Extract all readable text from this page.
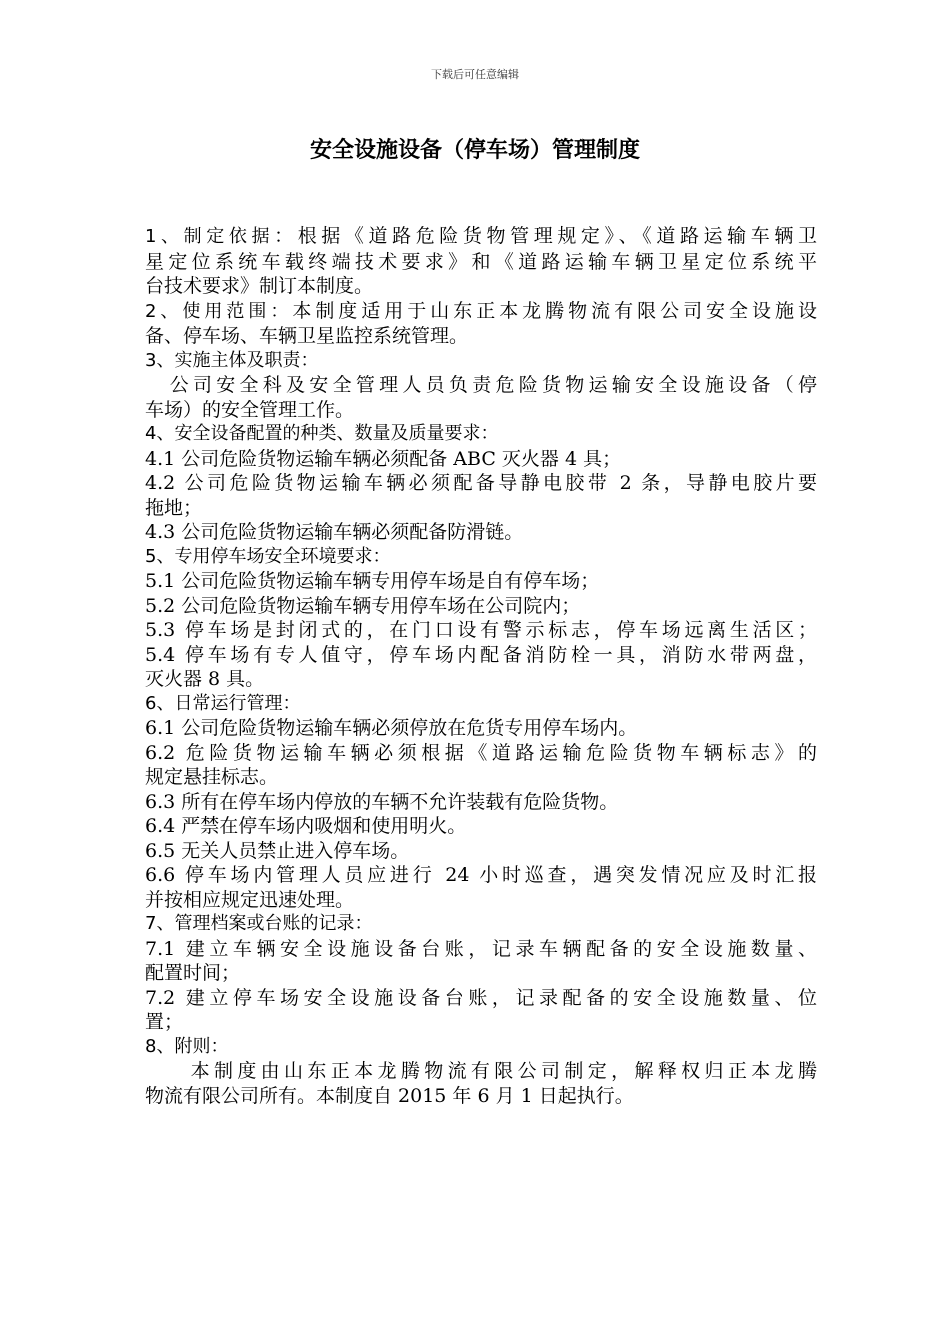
下载后可任意编辑
安全设施设备（停车场）管理制度

1、制定依据：根据《道路危险货物管理规定》、《道路运输车辆卫

星定位系统车载终端技术要求》和《道路运输车辆卫星定位系统平

台技术要求》制订本制度。

2、使用范围：本制度适用于山东正本龙腾物流有限公司安全设施设

备、停车场、车辆卫星监控系统管理。

3、实施主体及职责：

公司安全科及安全管理人员负责危险货物运输安全设施设备（停

车场）的安全管理工作。

4、安全设备配置的种类、数量及质量要求：

4.1 公司危险货物运输车辆必须配备 ABC 灭火器 4 具；

4.2 公司危险货物运输车辆必须配备导静电胶带 2 条，导静电胶片要

拖地；

4.3 公司危险货物运输车辆必须配备防滑链。

5、专用停车场安全环境要求：

5.1 公司危险货物运输车辆专用停车场是自有停车场；

5.2 公司危险货物运输车辆专用停车场在公司院内；

5.3 停车场是封闭式的，在门口设有警示标志，停车场远离生活区；

5.4 停车场有专人值守，停车场内配备消防栓一具，消防水带两盘，

灭火器 8 具。

6、日常运行管理：

6.1 公司危险货物运输车辆必须停放在危货专用停车场内。

6.2 危险货物运输车辆必须根据《道路运输危险货物车辆标志》的

规定悬挂标志。

6.3 所有在停车场内停放的车辆不允许装载有危险货物。

6.4 严禁在停车场内吸烟和使用明火。

6.5 无关人员禁止进入停车场。

6.6 停车场内管理人员应进行 24 小时巡查，遇突发情况应及时汇报

并按相应规定迅速处理。

7、管理档案或台账的记录：

7.1 建立车辆安全设施设备台账，记录车辆配备的安全设施数量、

配置时间；

7.2 建立停车场安全设施设备台账，记录配备的安全设施数量、位

置；

8、附则：

本制度由山东正本龙腾物流有限公司制定，解释权归正本龙腾

物流有限公司所有。本制度自 2015 年 6 月 1 日起执行。
